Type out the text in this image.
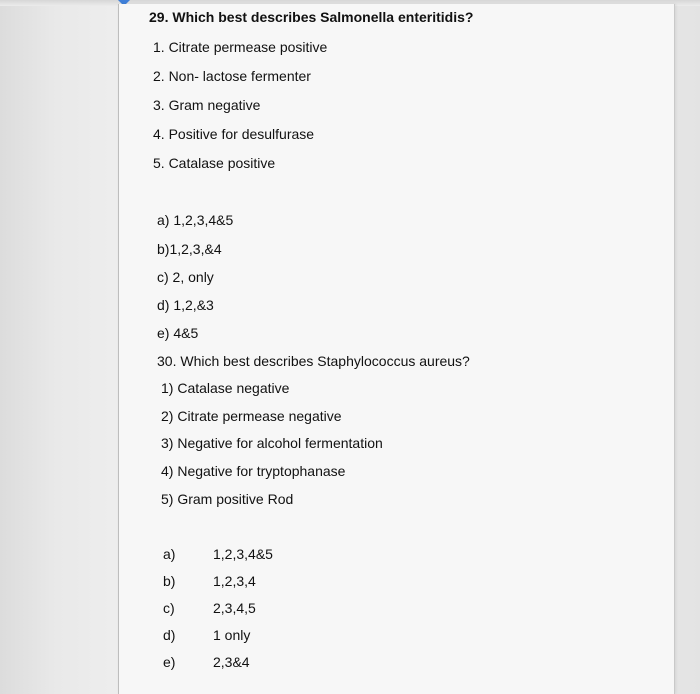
29. Which best describes Salmonella enteritidis?
1. Citrate permease positive
2. Non- lactose fermenter
3. Gram negative
4. Positive for desulfurase
5. Catalase positive
a) 1,2,3,4&5
b)1,2,3,&4
c) 2, only
d) 1,2,&3
e) 4&5
30. Which best describes Staphylococcus aureus?
1) Catalase negative
2) Citrate permease negative
3) Negative for alcohol fermentation
4) Negative for tryptophanase
5) Gram positive Rod
a)	1,2,3,4&5
b)	1,2,3,4
c)	2,3,4,5
d)	1 only
e)	2,3&4
